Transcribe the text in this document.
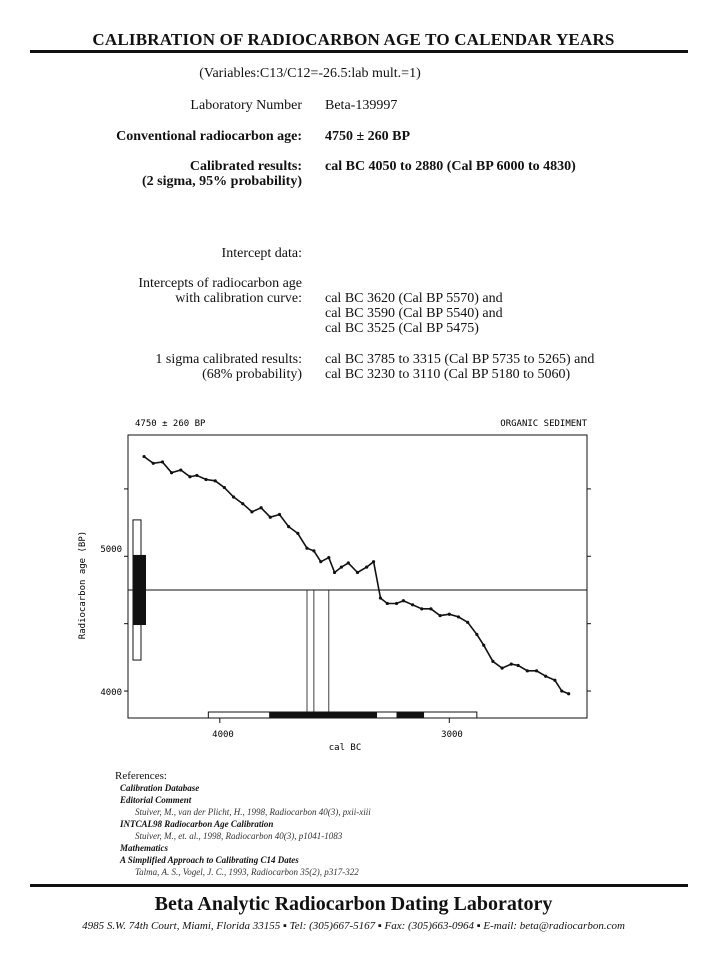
CALIBRATION OF RADIOCARBON AGE TO CALENDAR YEARS
(Variables:C13/C12=-26.5:lab mult.=1)
Laboratory Number Beta-139997
Conventional radiocarbon age: 4750 ± 260 BP
Calibrated results:
(2 sigma, 95% probability)
cal BC 4050 to 2880 (Cal BP 6000 to 4830)
Intercept data:
Intercepts of radiocarbon age
with calibration curve: cal BC 3620 (Cal BP 5570) and
cal BC 3590 (Cal BP 5540) and
cal BC 3525 (Cal BP 5475)
1 sigma calibrated results:
(68% probability)
cal BC 3785 to 3315 (Cal BP 5735 to 5265) and
cal BC 3230 to 3110 (Cal BP 5180 to 5060)
4750 ± 260 BP	ORGANIC SEDIMENT
cal BC
Radiocarbon age (BP)
4000	3000
5000
4000
References:
Calibration Database
Editorial Comment
Stuiver, M., van der Plicht, H., 1998, Radiocarbon 40(3), pxii-xiii
INTCAL98 Radiocarbon Age Calibration
Stuiver, M., et. al., 1998, Radiocarbon 40(3), p1041-1083
Mathematics
A Simplified Approach to Calibrating C14 Dates
Talma, A. S., Vogel, J. C., 1993, Radiocarbon 35(2), p317-322
Beta Analytic Radiocarbon Dating Laboratory
4985 S.W. 74th Court, Miami, Florida 33155 ▪ Tel: (305)667-5167 ▪ Fax: (305)663-0964 ▪ E-mail: beta@radiocarbon.com
